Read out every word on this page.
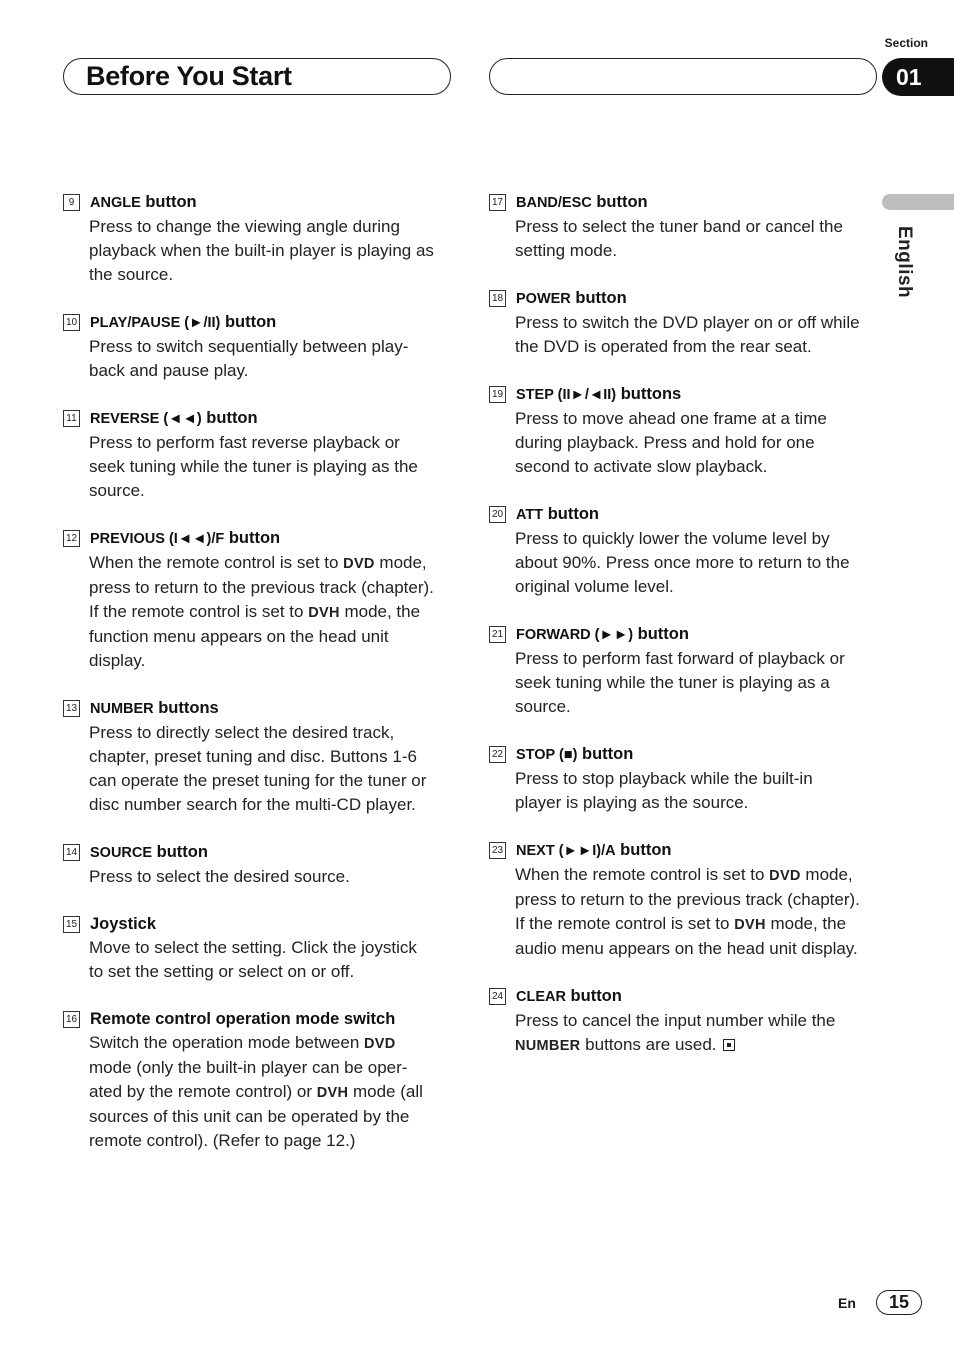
Before You Start
Section
01
English
9	ANGLE button
Press to change the viewing angle during playback when the built-in player is playing as the source.
10 PLAY/PAUSE (►/II) button
Press to switch sequentially between play-back and pause play.
11 REVERSE (◄◄) button
Press to perform fast reverse playback or seek tuning while the tuner is playing as the source.
12 PREVIOUS (I◄◄)/F button
When the remote control is set to DVD mode, press to return to the previous track (chapter). If the remote control is set to DVH mode, the function menu appears on the head unit display.
13 NUMBER buttons
Press to directly select the desired track, chapter, preset tuning and disc. Buttons 1-6 can operate the preset tuning for the tuner or disc number search for the multi-CD player.
14 SOURCE button
Press to select the desired source.
15 Joystick
Move to select the setting. Click the joystick to set the setting or select on or off.
16 Remote control operation mode switch
Switch the operation mode between DVD mode (only the built-in player can be oper-ated by the remote control) or DVH mode (all sources of this unit can be operated by the remote control). (Refer to page 12.)
17 BAND/ESC button
Press to select the tuner band or cancel the setting mode.
18 POWER button
Press to switch the DVD player on or off while the DVD is operated from the rear seat.
19 STEP (II►/◄II) buttons
Press to move ahead one frame at a time during playback. Press and hold for one second to activate slow playback.
20 ATT button
Press to quickly lower the volume level by about 90%. Press once more to return to the original volume level.
21 FORWARD (►►) button
Press to perform fast forward of playback or seek tuning while the tuner is playing as a source.
22 STOP (■) button
Press to stop playback while the built-in player is playing as the source.
23 NEXT (►►I)/A button
When the remote control is set to DVD mode, press to return to the previous track (chapter). If the remote control is set to DVH mode, the audio menu appears on the head unit display.
24 CLEAR button
Press to cancel the input number while the NUMBER buttons are used.
En	15
